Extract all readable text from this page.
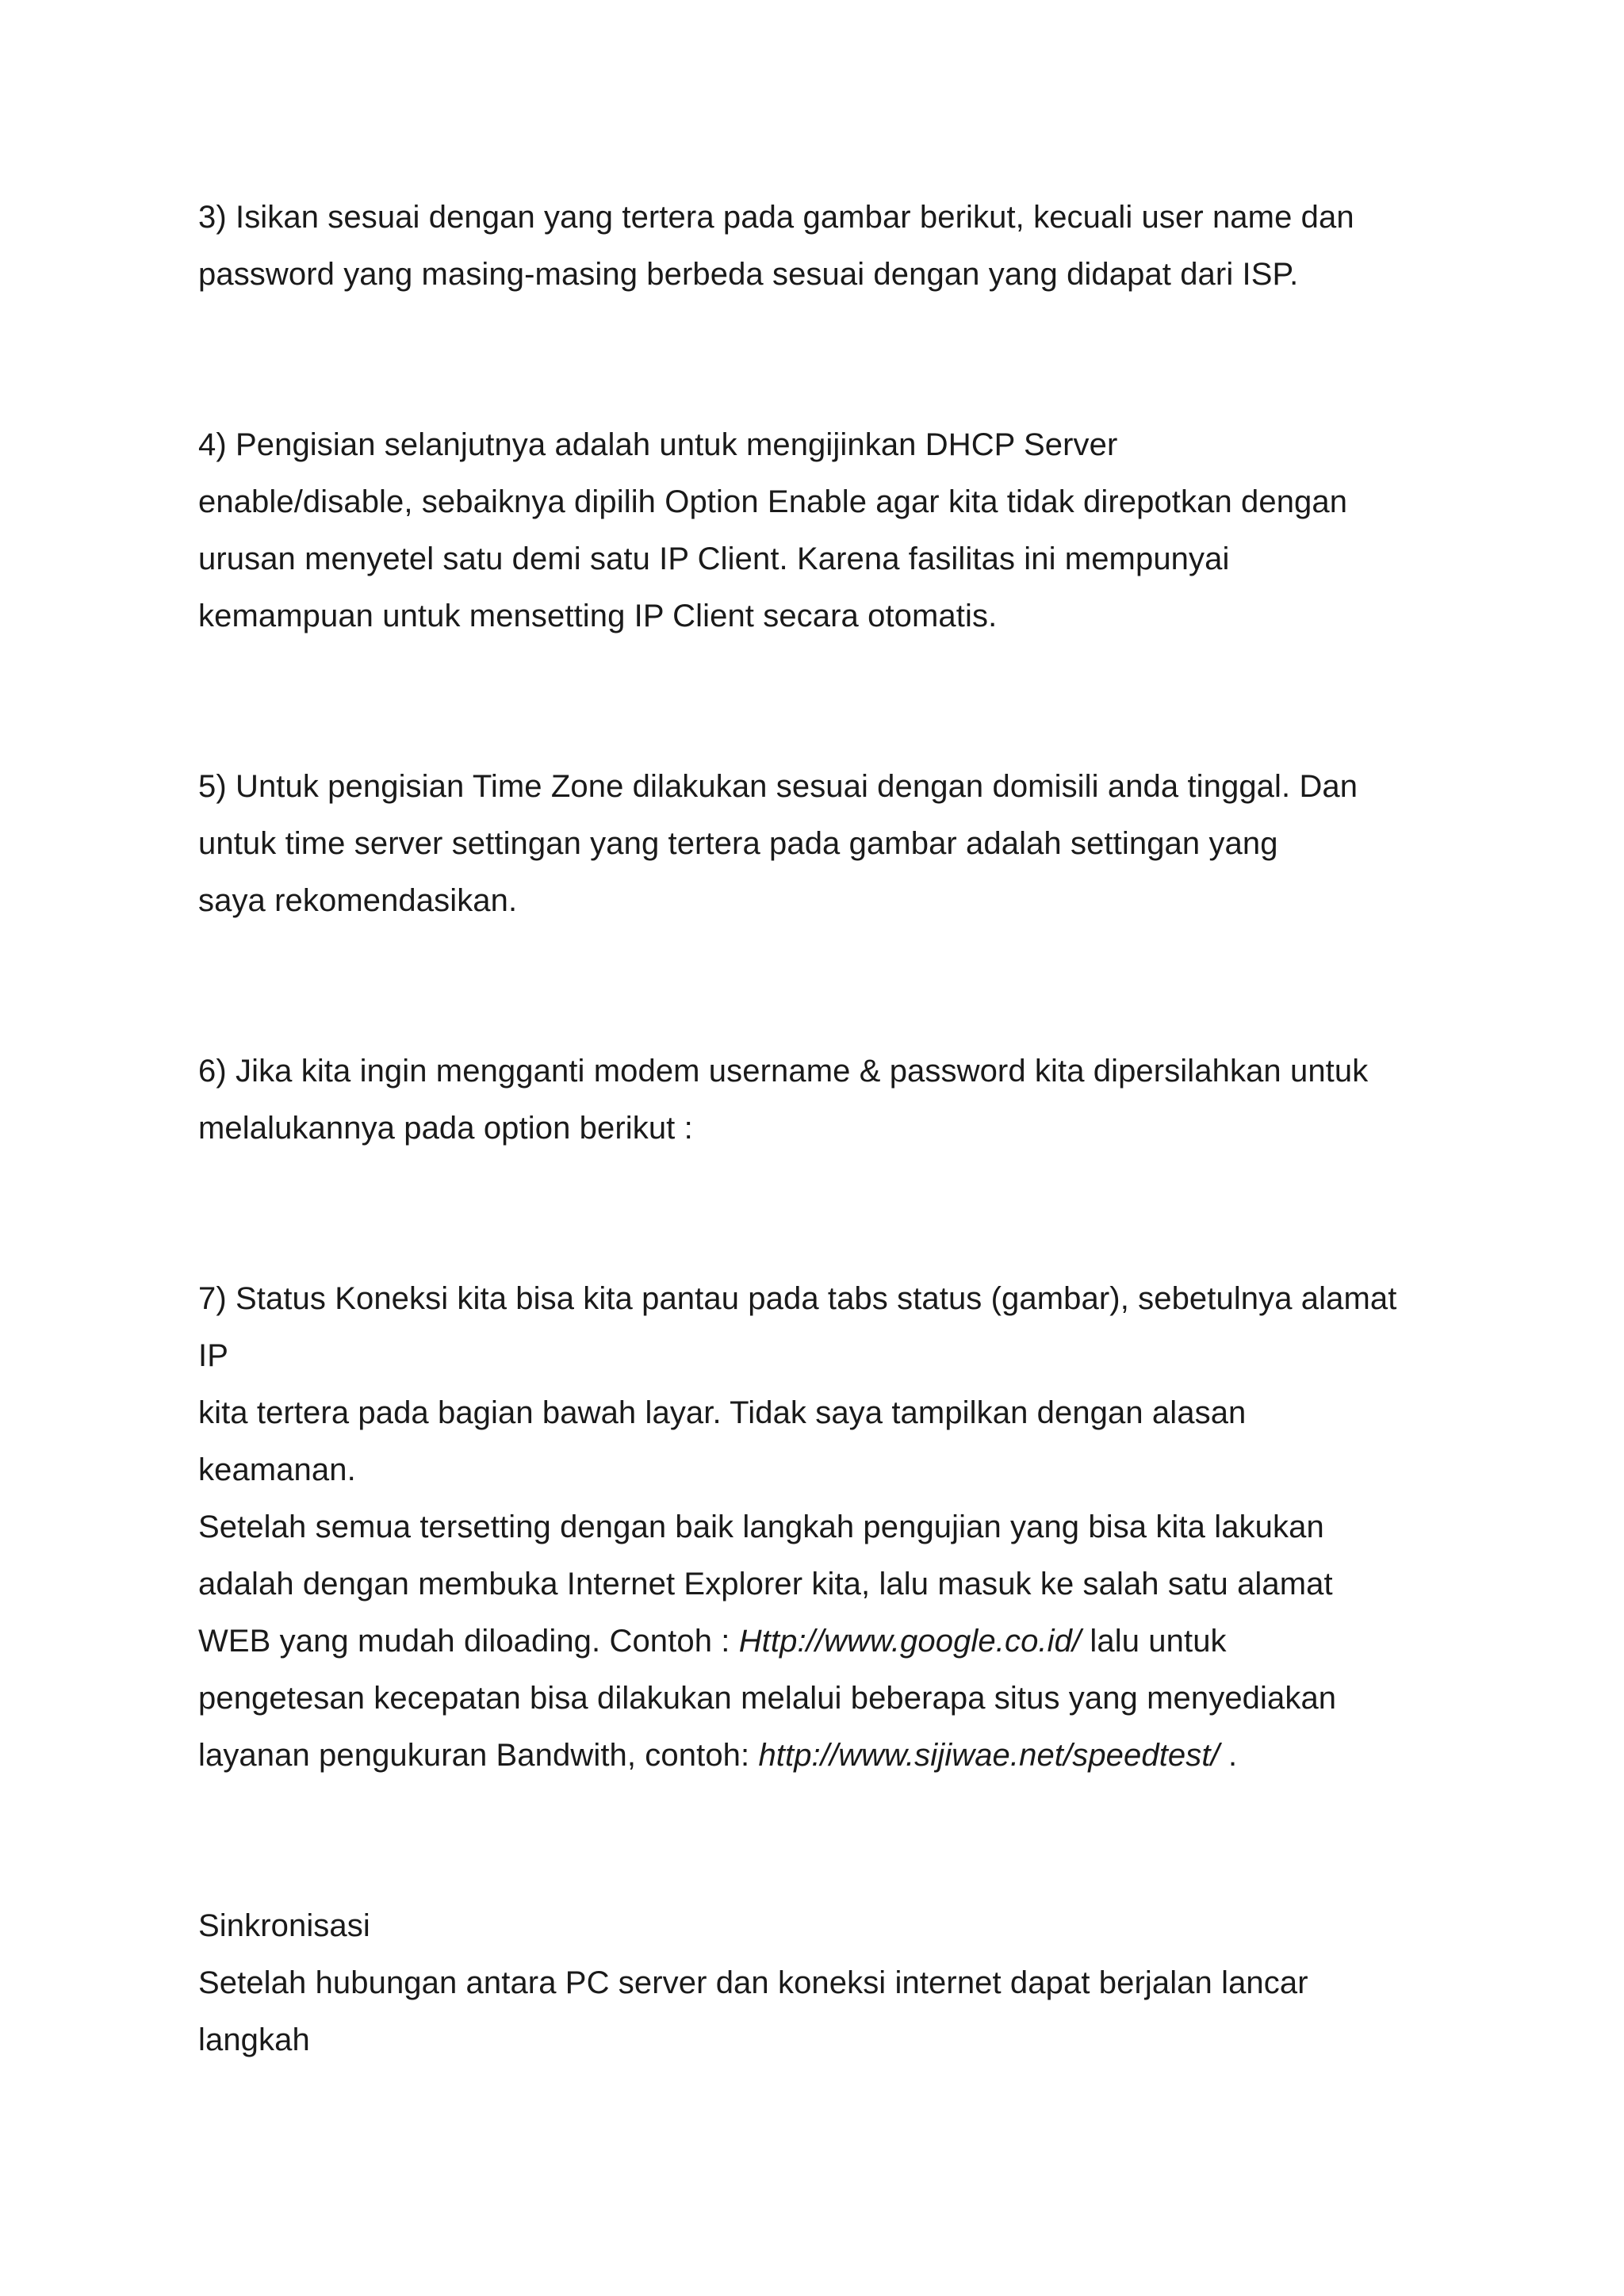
3) Isikan sesuai dengan yang tertera pada gambar berikut, kecuali user name dan
password yang masing-masing berbeda sesuai dengan yang didapat dari ISP.
4) Pengisian selanjutnya adalah untuk mengijinkan DHCP Server
enable/disable, sebaiknya dipilih Option Enable agar kita tidak direpotkan dengan
urusan menyetel satu demi satu IP Client. Karena fasilitas ini mempunyai
kemampuan untuk mensetting IP Client secara otomatis.
5) Untuk pengisian Time Zone dilakukan sesuai dengan domisili anda tinggal. Dan
untuk time server settingan yang tertera pada gambar adalah settingan yang
saya rekomendasikan.
6) Jika kita ingin mengganti modem username & password kita dipersilahkan untuk
melalukannya pada option berikut :
7) Status Koneksi kita bisa kita pantau pada tabs status (gambar), sebetulnya alamat
IP
kita tertera pada bagian bawah layar. Tidak saya tampilkan dengan alasan
keamanan.
Setelah semua tersetting dengan baik langkah pengujian yang bisa kita lakukan
adalah dengan membuka Internet Explorer kita, lalu masuk ke salah satu alamat
WEB yang mudah diloading. Contoh : Http://www.google.co.id/ lalu untuk
pengetesan kecepatan bisa dilakukan melalui beberapa situs yang menyediakan
layanan pengukuran Bandwith, contoh: http://www.sijiwae.net/speedtest/ .
Sinkronisasi
Setelah hubungan antara PC server dan koneksi internet dapat berjalan lancar
langkah
